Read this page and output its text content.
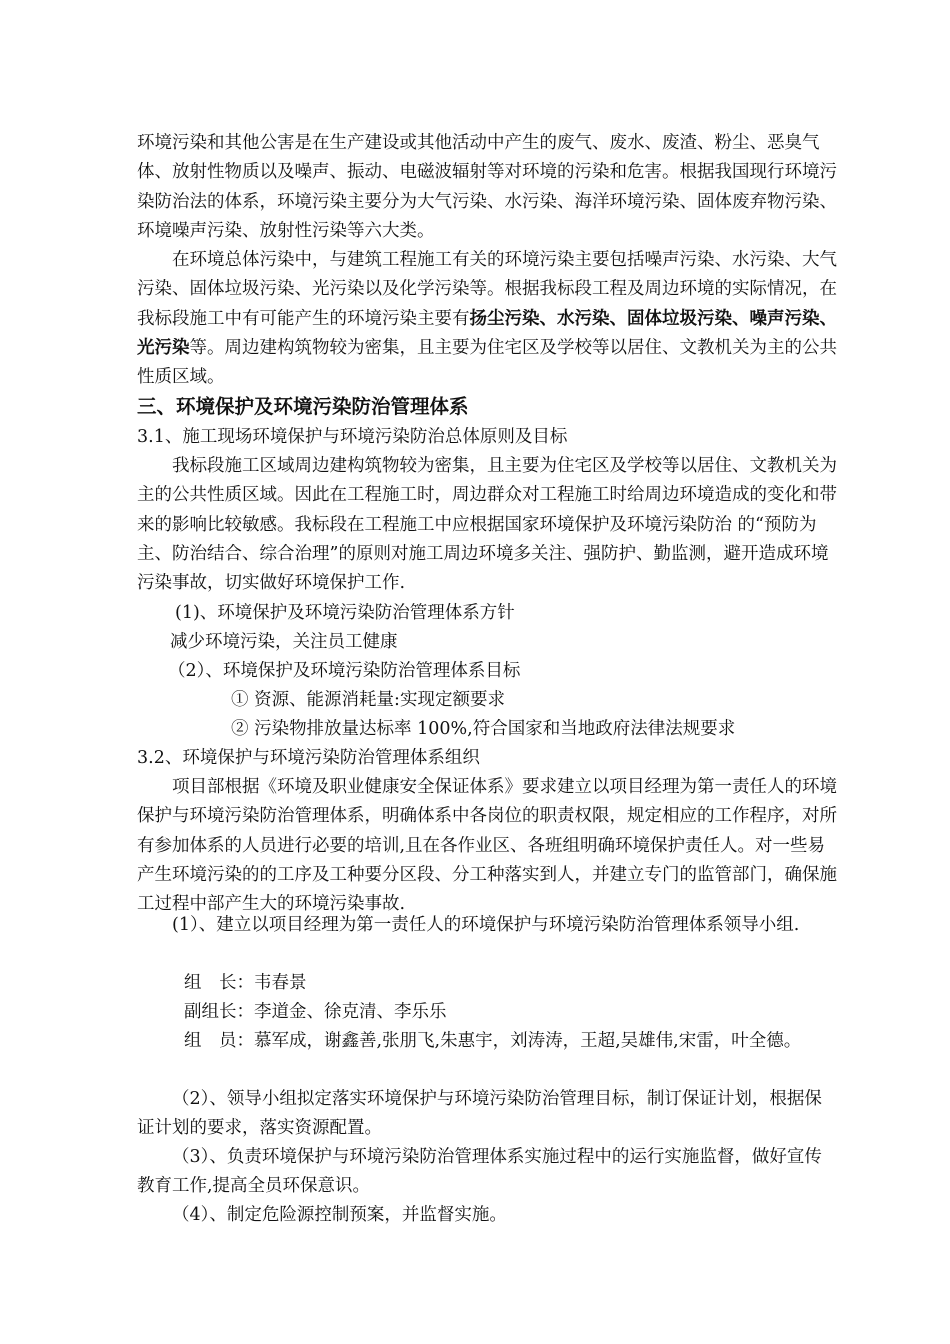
环境污染和其他公害是在生产建设或其他活动中产生的废气、废水、废渣、粉尘、恶臭气体、放射性物质以及噪声、振动、电磁波辐射等对环境的污染和危害。根据我国现行环境污染防治法的体系，环境污染主要分为大气污染、水污染、海洋环境污染、固体废弃物污染、环境噪声污染、放射性污染等六大类。
在环境总体污染中，与建筑工程施工有关的环境污染主要包括噪声污染、水污染、大气污染、固体垃圾污染、光污染以及化学污染等。根据我标段工程及周边环境的实际情况，在我标段施工中有可能产生的环境污染主要有扬尘污染、水污染、固体垃圾污染、噪声污染、光污染等。周边建构筑物较为密集，且主要为住宅区及学校等以居住、文教机关为主的公共性质区域。
三、环境保护及环境污染防治管理体系
3.1、施工现场环境保护与环境污染防治总体原则及目标
我标段施工区域周边建构筑物较为密集，且主要为住宅区及学校等以居住、文教机关为主的公共性质区域。因此在工程施工时，周边群众对工程施工时给周边环境造成的变化和带来的影响比较敏感。我标段在工程施工中应根据国家环境保护及环境污染防治 的“预防为主、防治结合、综合治理”的原则对施工周边环境多关注、强防护、勤监测，避开造成环境污染事故，切实做好环境保护工作.
(1)、环境保护及环境污染防治管理体系方针
减少环境污染，关注员工健康
（2）、环境保护及环境污染防治管理体系目标
① 资源、能源消耗量:实现定额要求
② 污染物排放量达标率 100%,符合国家和当地政府法律法规要求
3.2、环境保护与环境污染防治管理体系组织
项目部根据《环境及职业健康安全保证体系》要求建立以项目经理为第一责任人的环境保护与环境污染防治管理体系，明确体系中各岗位的职责权限，规定相应的工作程序，对所有参加体系的人员进行必要的培训,且在各作业区、各班组明确环境保护责任人。对一些易产生环境污染的的工序及工种要分区段、分工种落实到人，并建立专门的监管部门，确保施工过程中部产生大的环境污染事故.
(1）、建立以项目经理为第一责任人的环境保护与环境污染防治管理体系领导小组.
组　长：韦春景
副组长：李道金、徐克清、李乐乐
组　员：慕军成，谢鑫善,张朋飞,朱惠宇，刘涛涛，王超,吴雄伟,宋雷，叶全德。
（2）、领导小组拟定落实环境保护与环境污染防治管理目标，制订保证计划，根据保证计划的要求，落实资源配置。
（3）、负责环境保护与环境污染防治管理体系实施过程中的运行实施监督，做好宣传教育工作,提高全员环保意识。
（4）、制定危险源控制预案，并监督实施。
